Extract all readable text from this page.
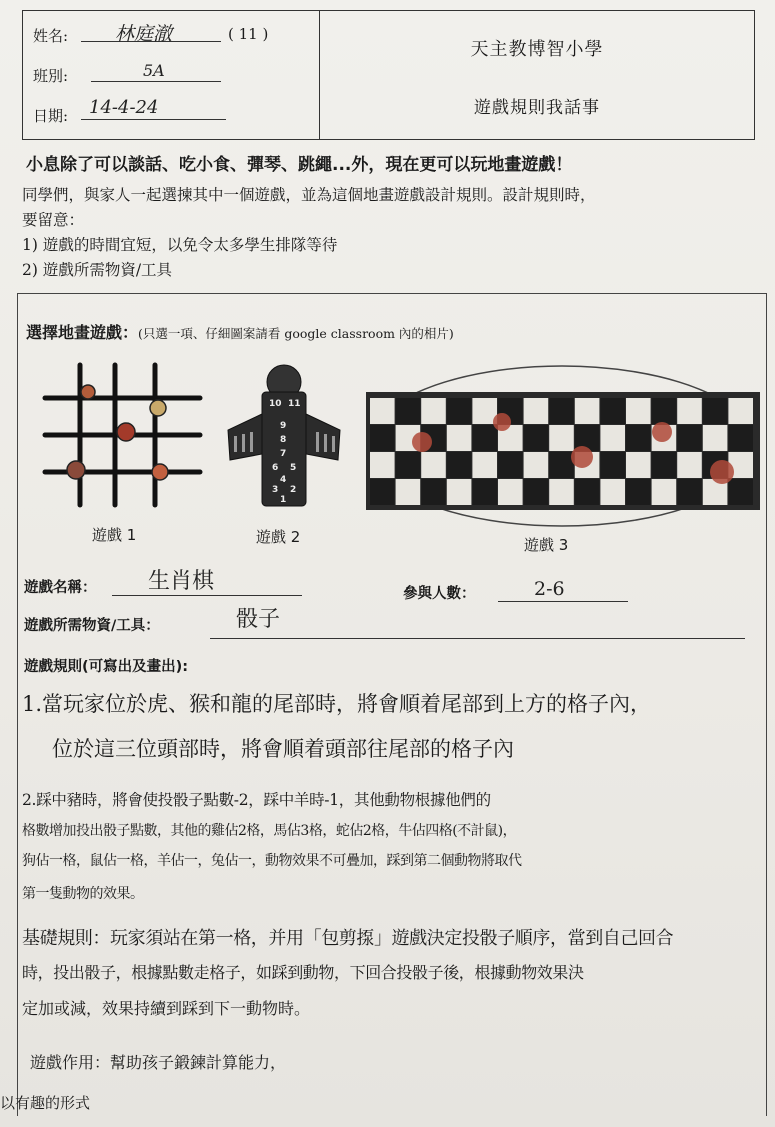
姓名: 林庭澈	( 11 )
班別:	5A
日期: 14-4-24
天主教博智小學
遊戲規則我話事
小息除了可以談話、吃小食、彈琴、跳繩...外，現在更可以玩地畫遊戲！
同學們，與家人一起選揀其中一個遊戲，並為這個地畫遊戲設計規則。設計規則時，
要留意：
1) 遊戲的時間宜短，以免令太多學生排隊等待
2) 遊戲所需物資/工具
選擇地畫遊戲：(只選一項、仔細圖案請看 google classroom 內的相片)
遊戲 1
10 11
9
8
7
6 5
4
3 2
1
遊戲 2	遊戲 3
遊戲名稱： 生肖棋	參與人數：	2-6
遊戲所需物資/工具：	骰子
遊戲規則(可寫出及畫出):
1.當玩家位於虎、猴和龍的尾部時，將會順着尾部到上方的格子內，
位於這三位頭部時，將會順着頭部往尾部的格子內
2.踩中豬時，將會使投骰子點數-2，踩中羊時-1，其他動物根據他們的
格數增加投出骰子點數，其他的雞佔2格，馬佔3格，蛇佔2格，牛佔四格(不計鼠)，
狗佔一格，鼠佔一格，羊佔一，兔佔一，動物效果不可疊加，踩到第二個動物將取代
第一隻動物的效果。
基礎規則：玩家須站在第一格，并用「包剪揼」遊戲決定投骰子順序，當到自己回合
時，投出骰子，根據點數走格子，如踩到動物，下回合投骰子後，根據動物效果決
定加或減，效果持續到踩到下一動物時。
遊戲作用：幫助孩子鍛鍊計算能力，
以有趣的形式
